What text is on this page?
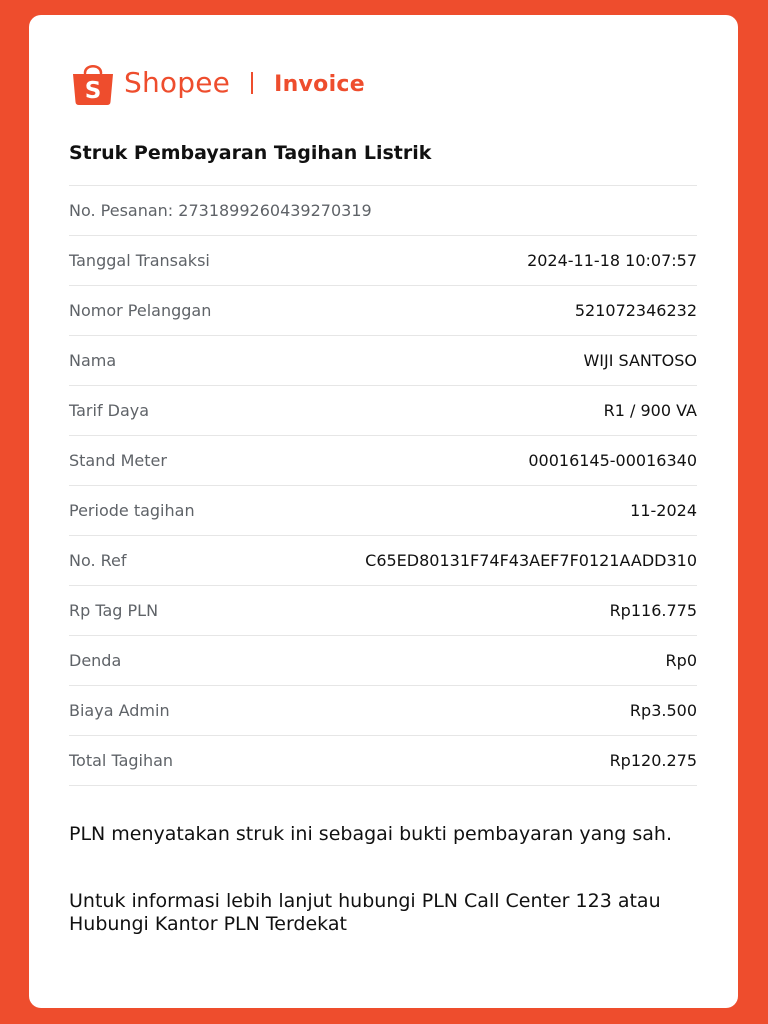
S Shopee Invoice
Struk Pembayaran Tagihan Listrik
No. Pesanan: 2731899260439270319
Tanggal Transaksi	2024-11-18 10:07:57
Nomor Pelanggan	521072346232
Nama	WIJI SANTOSO
Tarif Daya	R1 / 900 VA
Stand Meter	00016145-00016340
Periode tagihan	11-2024
No. Ref	C65ED80131F74F43AEF7F0121AADD310
Rp Tag PLN	Rp116.775
Denda	Rp0
Biaya Admin	Rp3.500
Total Tagihan	Rp120.275

PLN menyatakan struk ini sebagai bukti pembayaran yang sah.

Untuk informasi lebih lanjut hubungi PLN Call Center 123 atau Hubungi Kantor PLN Terdekat
